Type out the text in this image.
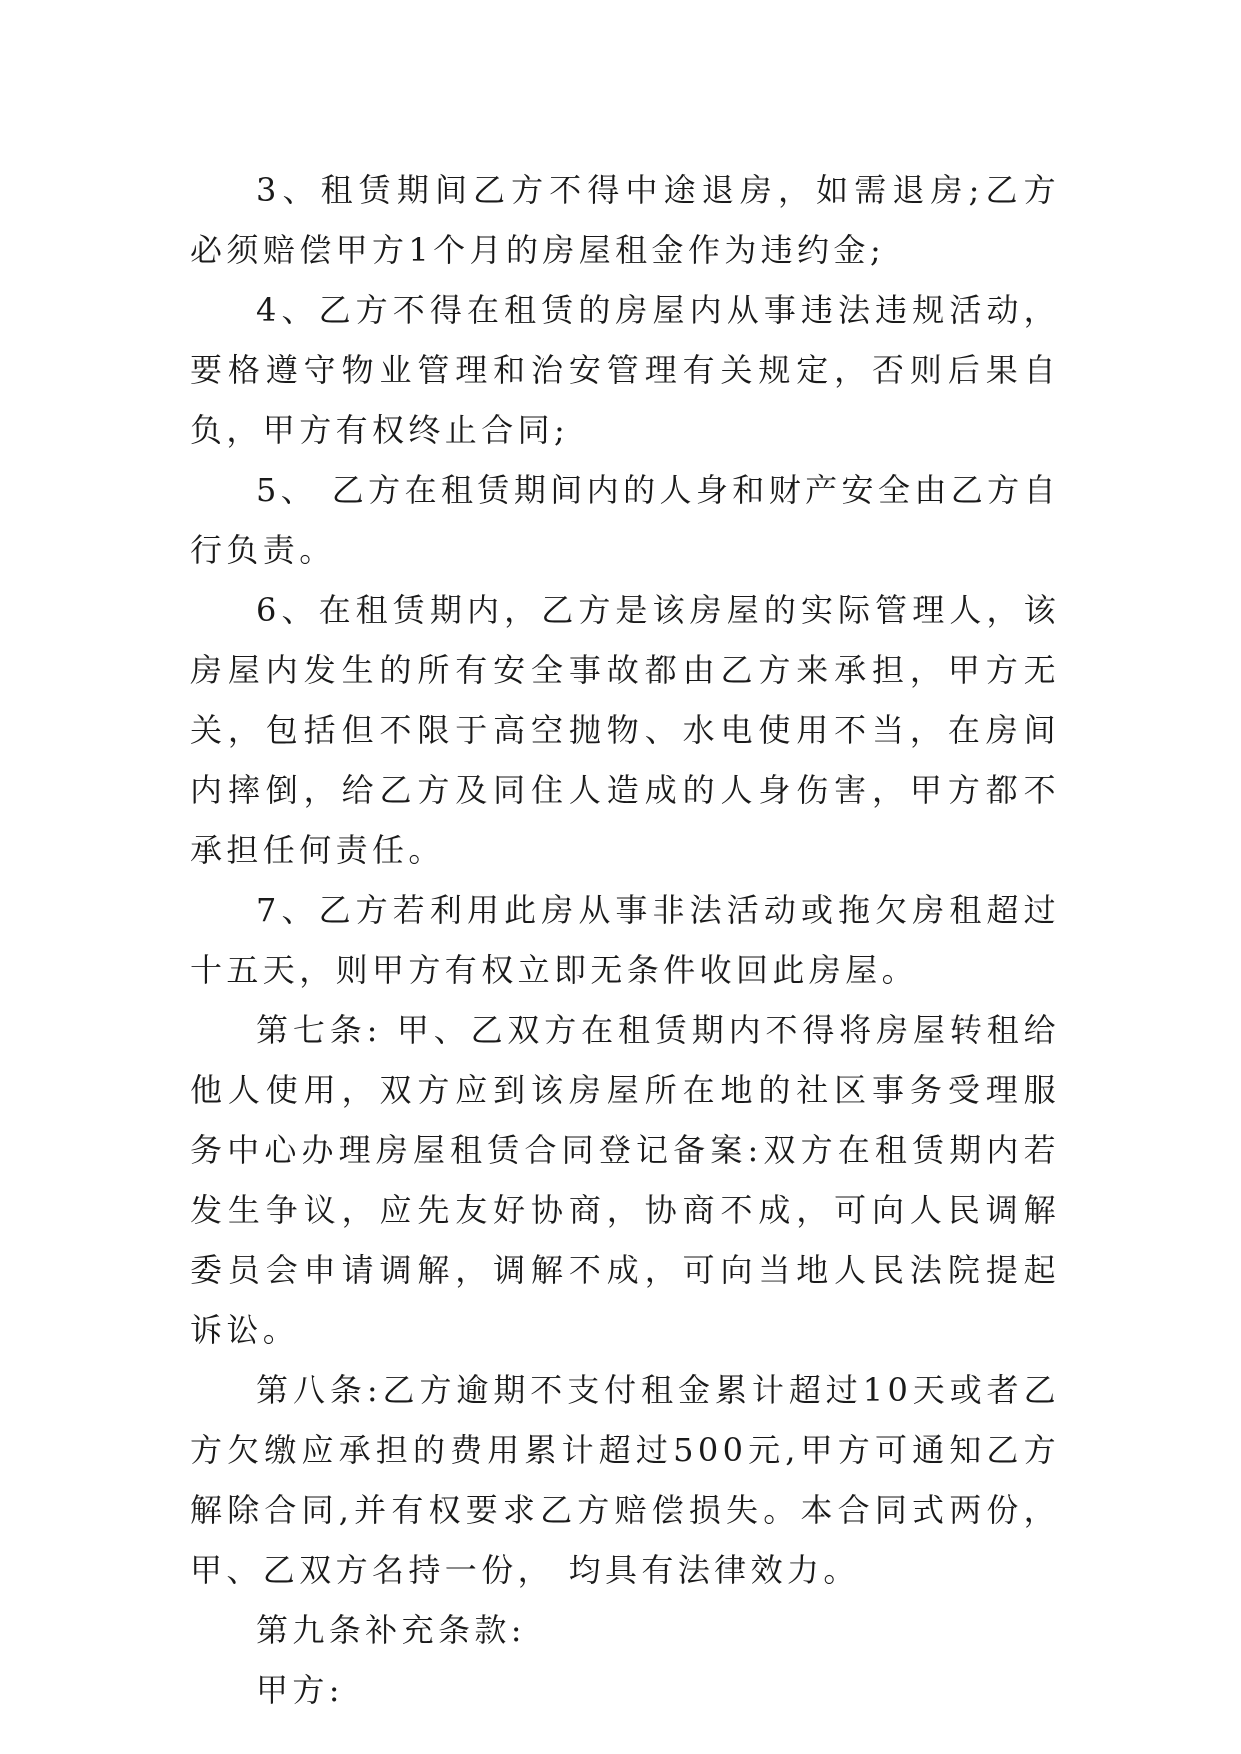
3、租赁期间乙方不得中途退房，如需退房;乙方必须赔偿甲方1个月的房屋租金作为违约金;

4、乙方不得在租赁的房屋内从事违法违规活动，要格遵守物业管理和治安管理有关规定，否则后果自负，甲方有权终止合同;

5、 乙方在租赁期间内的人身和财产安全由乙方自行负责。

6、在租赁期内，乙方是该房屋的实际管理人，该房屋内发生的所有安全事故都由乙方来承担，甲方无关，包括但不限于高空抛物、水电使用不当，在房间内摔倒，给乙方及同住人造成的人身伤害，甲方都不承担任何责任。

7、乙方若利用此房从事非法活动或拖欠房租超过十五天，则甲方有权立即无条件收回此房屋。

第七条: 甲、乙双方在租赁期内不得将房屋转租给他人使用，双方应到该房屋所在地的社区事务受理服务中心办理房屋租赁合同登记备案:双方在租赁期内若发生争议，应先友好协商，协商不成，可向人民调解委员会申请调解，调解不成，可向当地人民法院提起诉讼。

第八条:乙方逾期不支付租金累计超过10天或者乙方欠缴应承担的费用累计超过500元,甲方可通知乙方解除合同,并有权要求乙方赔偿损失。本合同式两份，甲、乙双方名持一份， 均具有法律效力。

第九条补充条款:

甲方:
